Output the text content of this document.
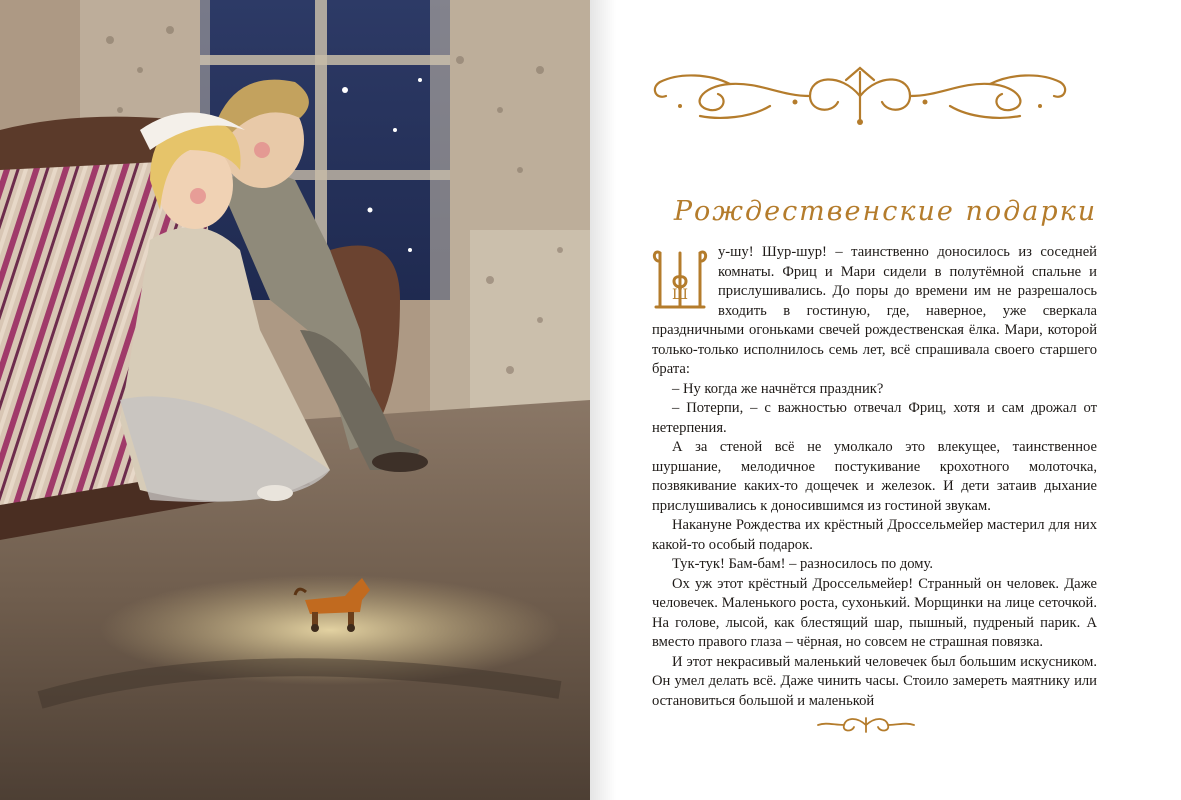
Рождественские подарки
Ш
у-шу! Шур-шур! – таинственно доносилось из соседней комнаты. Фриц и Мари сидели в полутёмной спальне и прислушивались. До поры до времени им не разрешалось входить в гостиную, где, наверное, уже сверкала праздничными огоньками свечей рождественская ёлка. Мари, которой только-только исполнилось семь лет, всё спрашивала своего старшего брата:
– Ну когда же начнётся праздник?
– Потерпи, – с важностью отвечал Фриц, хотя и сам дрожал от нетерпения.
А за стеной всё не умолкало это влекущее, таинственное шуршание, мелодичное постукивание крохотного молоточка, позвякивание каких-то дощечек и железок. И дети затаив дыхание прислушивались к доносившимся из гостиной звукам.
Накануне Рождества их крёстный Дроссельмейер мастерил для них какой-то особый подарок.
Тук-тук! Бам-бам! – разносилось по дому.
Ох уж этот крёстный Дроссельмейер! Странный он человек. Даже человечек. Маленького роста, сухонький. Морщинки на лице сеточкой. На голове, лысой, как блестящий шар, пышный, пудреный парик. А вместо правого глаза – чёрная, но совсем не страшная повязка.
И этот некрасивый маленький человечек был большим искусником. Он умел делать всё. Даже чинить часы. Стоило замереть маятнику или остановиться большой и маленькой
